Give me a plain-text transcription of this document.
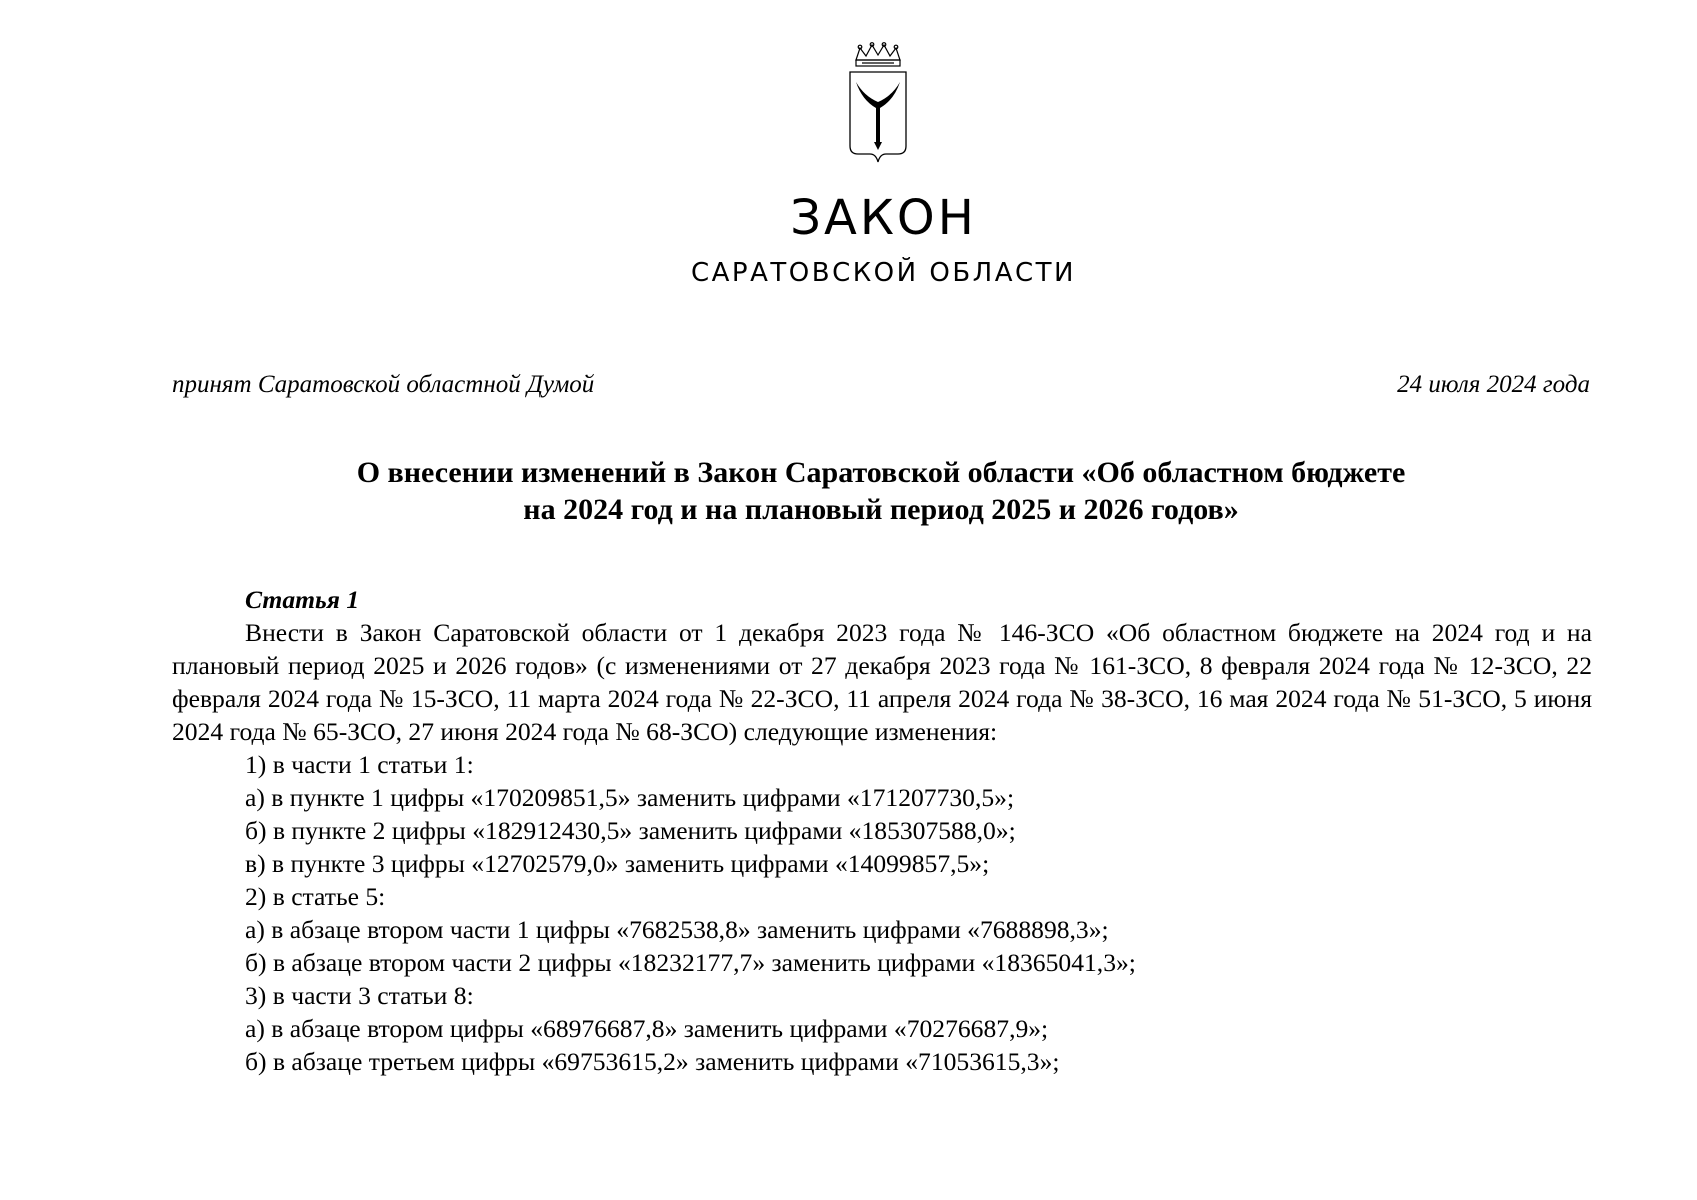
ЗАКОН
САРАТОВСКОЙ ОБЛАСТИ
принят Саратовской областной Думой	24 июля 2024 года
О внесении изменений в Закон Саратовской области «Об областном бюджете
на 2024 год и на плановый период 2025 и 2026 годов»
Статья 1

Внести в Закон Саратовской области от 1 декабря 2023 года № 146-ЗСО «Об областном бюджете на 2024 год и на плановый период 2025 и 2026 годов» (с изменениями от 27 декабря 2023 года № 161-ЗСО, 8 февраля 2024 года № 12-ЗСО, 22 февраля 2024 года № 15-ЗСО, 11 марта 2024 года № 22-ЗСО, 11 апреля 2024 года № 38-ЗСО, 16 мая 2024 года № 51-ЗСО, 5 июня 2024 года № 65-ЗСО, 27 июня 2024 года № 68-ЗСО) следующие изменения:

1) в части 1 статьи 1:
а) в пункте 1 цифры «170209851,5» заменить цифрами «171207730,5»;
б) в пункте 2 цифры «182912430,5» заменить цифрами «185307588,0»;
в) в пункте 3 цифры «12702579,0» заменить цифрами «14099857,5»;
2) в статье 5:
а) в абзаце втором части 1 цифры «7682538,8» заменить цифрами «7688898,3»;
б) в абзаце втором части 2 цифры «18232177,7» заменить цифрами «18365041,3»;
3) в части 3 статьи 8:
а) в абзаце втором цифры «68976687,8» заменить цифрами «70276687,9»;
б) в абзаце третьем цифры «69753615,2» заменить цифрами «71053615,3»;
